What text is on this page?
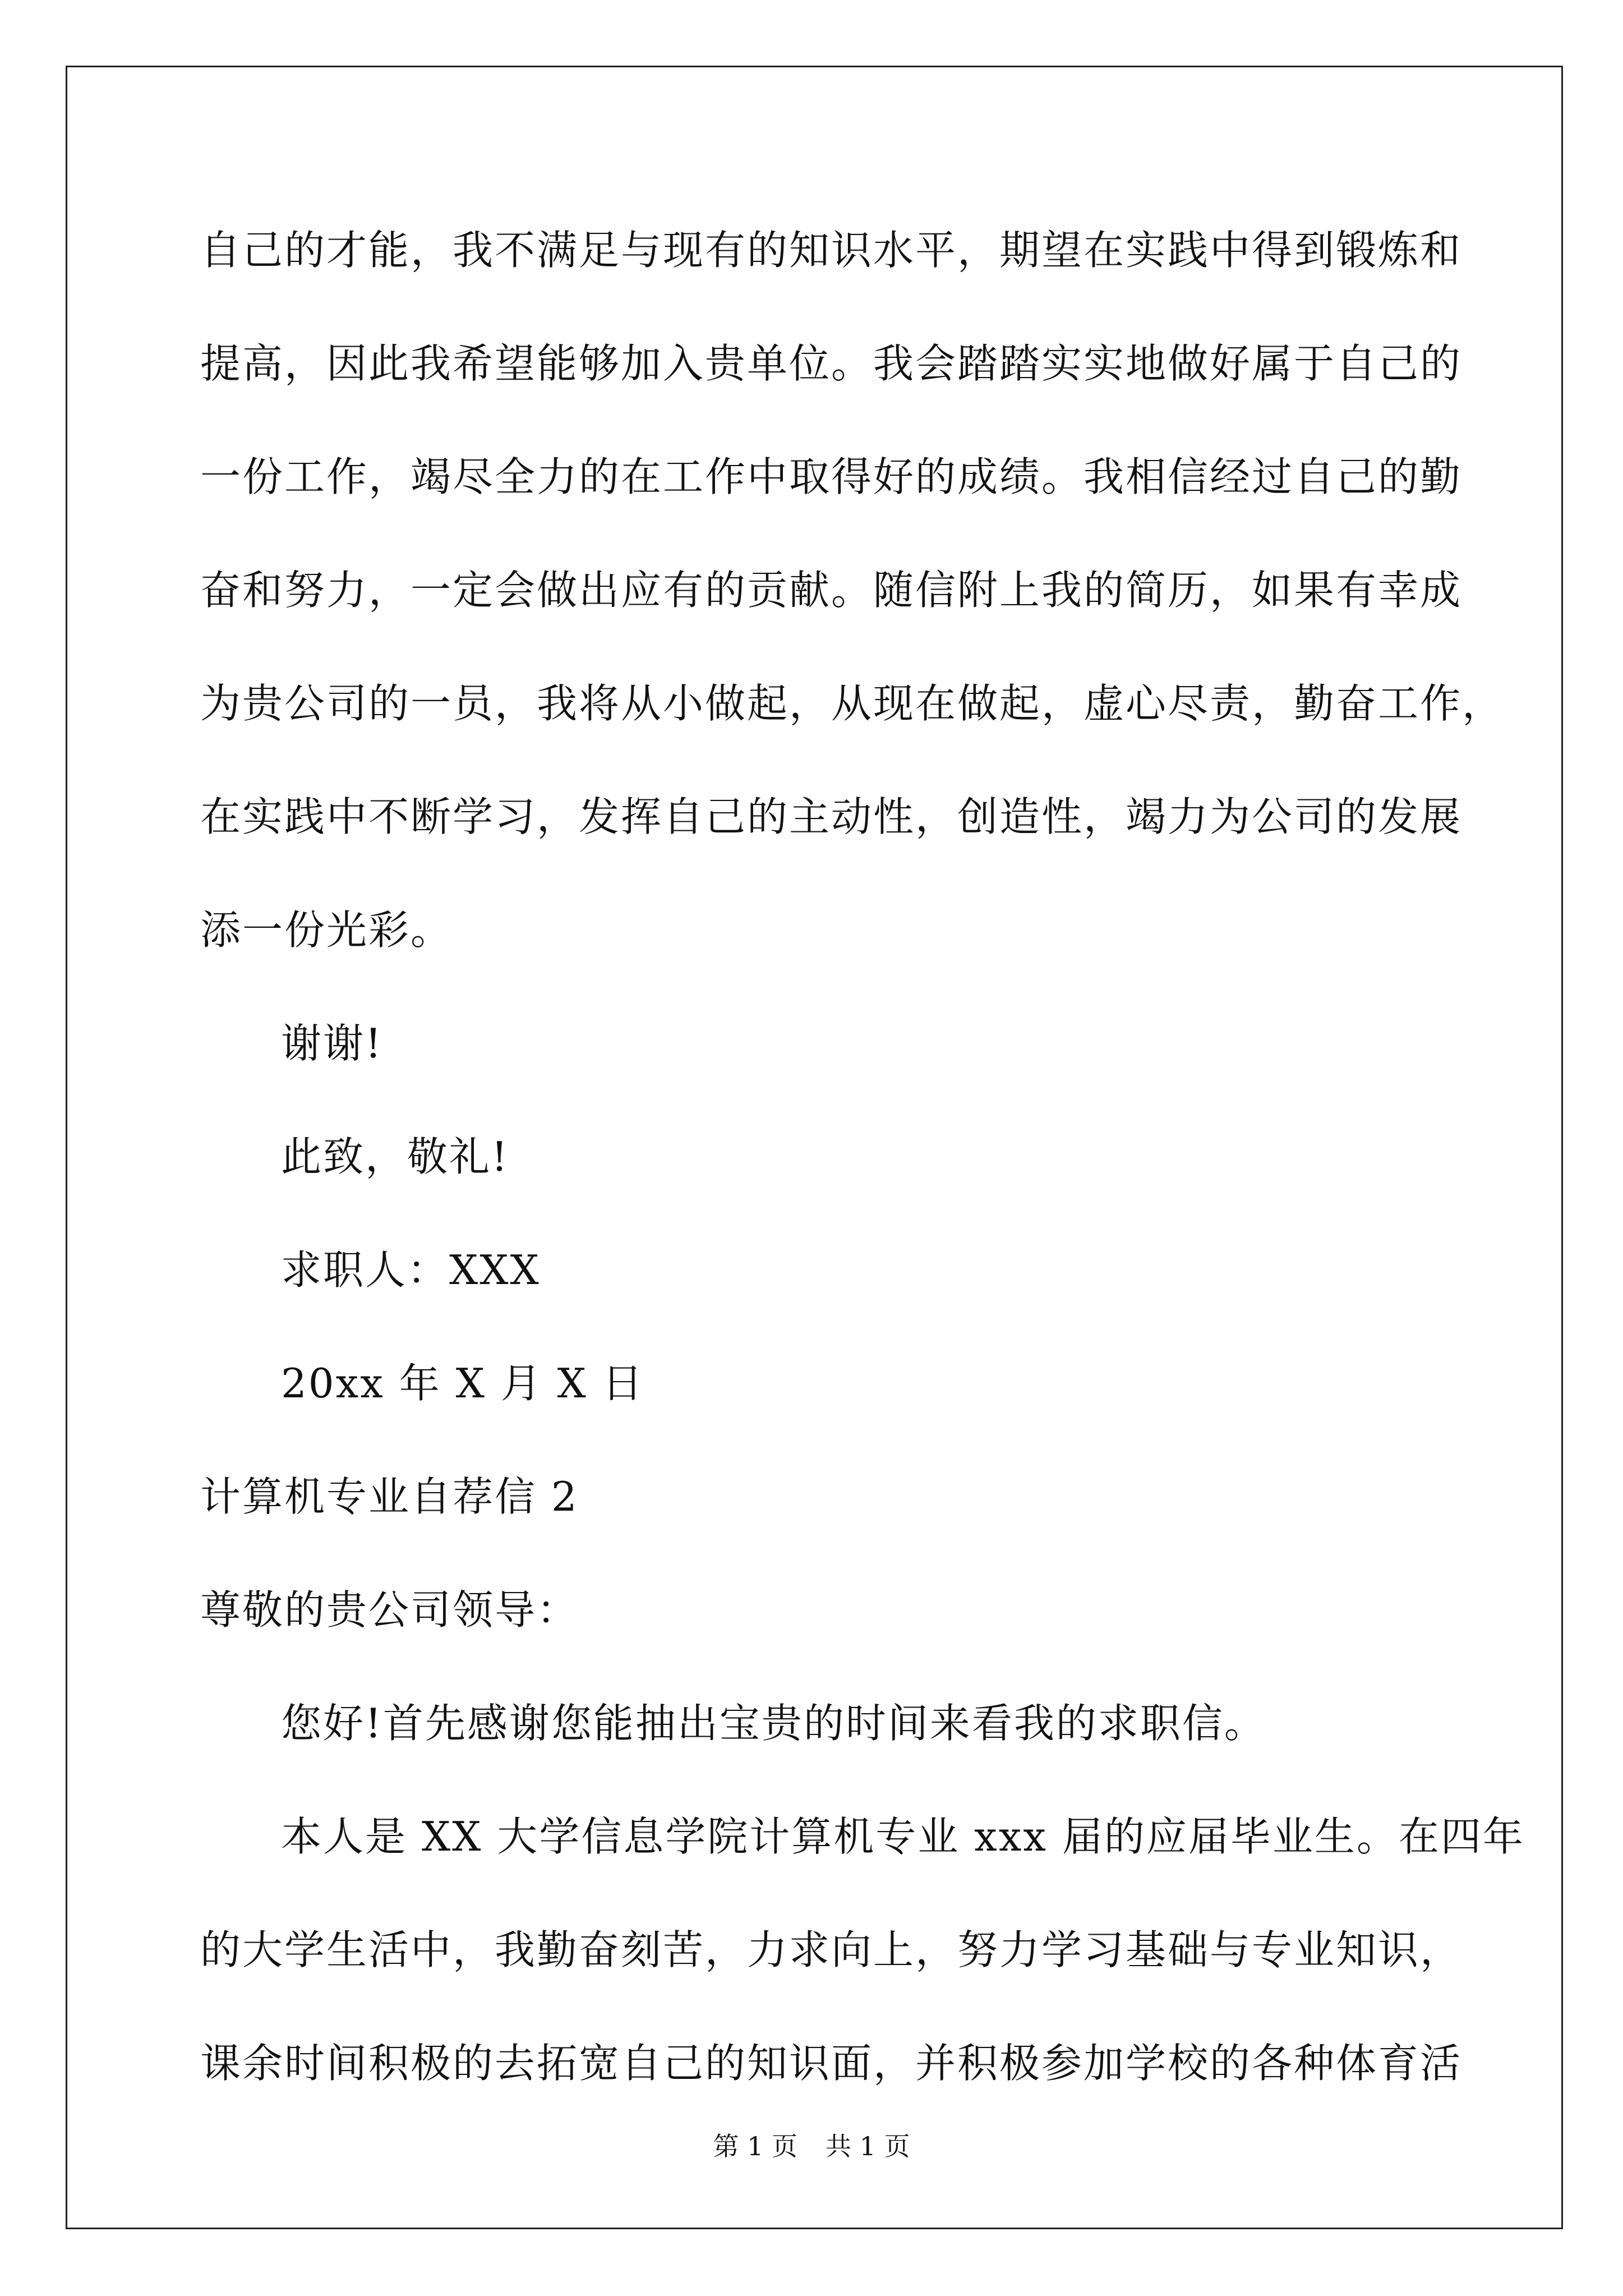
自己的才能，我不满足与现有的知识水平，期望在实践中得到锻炼和
提高，因此我希望能够加入贵单位。我会踏踏实实地做好属于自己的
一份工作，竭尽全力的在工作中取得好的成绩。我相信经过自己的勤
奋和努力，一定会做出应有的贡献。随信附上我的简历，如果有幸成
为贵公司的一员，我将从小做起，从现在做起，虚心尽责，勤奋工作，
在实践中不断学习，发挥自己的主动性，创造性，竭力为公司的发展
添一份光彩。
谢谢!
此致，敬礼!
求职人：XXX
20xx 年 X 月 X 日
计算机专业自荐信 2
尊敬的贵公司领导：
您好!首先感谢您能抽出宝贵的时间来看我的求职信。
本人是 XX 大学信息学院计算机专业 xxx 届的应届毕业生。在四年
的大学生活中，我勤奋刻苦，力求向上，努力学习基础与专业知识，
课余时间积极的去拓宽自己的知识面，并积极参加学校的各种体育活
第 1 页 共 1 页
